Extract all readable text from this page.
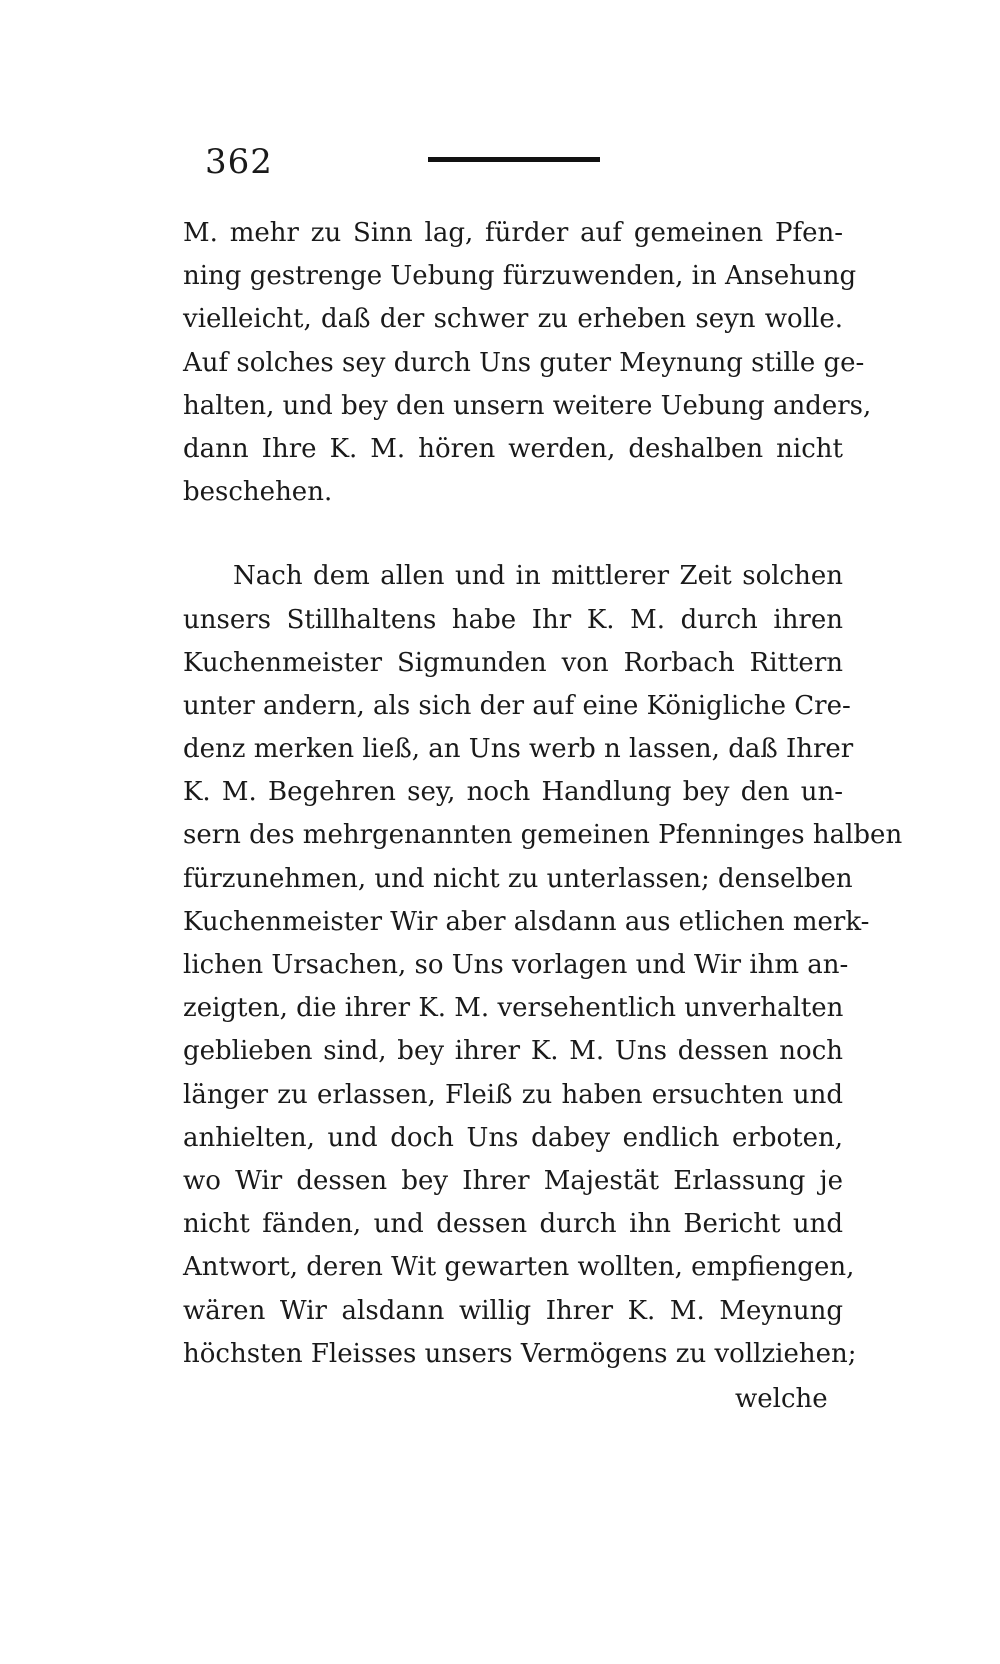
362
M. mehr zu Sinn lag, fürder auf gemeinen Pfen-
ning gestrenge Uebung fürzuwenden, in Ansehung
vielleicht, daß der schwer zu erheben seyn wolle.
Auf solches sey durch Uns guter Meynung stille ge-
halten, und bey den unsern weitere Uebung anders,
dann Ihre K. M. hören werden, deshalben nicht
beschehen.
Nach dem allen und in mittlerer Zeit solchen
unsers Stillhaltens habe Ihr K. M. durch ihren
Kuchenmeister Sigmunden von Rorbach Rittern
unter andern, als sich der auf eine Königliche Cre-
denz merken ließ, an Uns werb n lassen, daß Ihrer
K. M. Begehren sey, noch Handlung bey den un-
sern des mehrgenannten gemeinen Pfenninges halben
fürzunehmen, und nicht zu unterlassen; denselben
Kuchenmeister Wir aber alsdann aus etlichen merk-
lichen Ursachen, so Uns vorlagen und Wir ihm an-
zeigten, die ihrer K. M. versehentlich unverhalten
geblieben sind, bey ihrer K. M. Uns dessen noch
länger zu erlassen, Fleiß zu haben ersuchten und
anhielten, und doch Uns dabey endlich erboten,
wo Wir dessen bey Ihrer Majestät Erlassung je
nicht fänden, und dessen durch ihn Bericht und
Antwort, deren Wit gewarten wollten, empfiengen,
wären Wir alsdann willig Ihrer K. M. Meynung
höchsten Fleisses unsers Vermögens zu vollziehen;
welche
